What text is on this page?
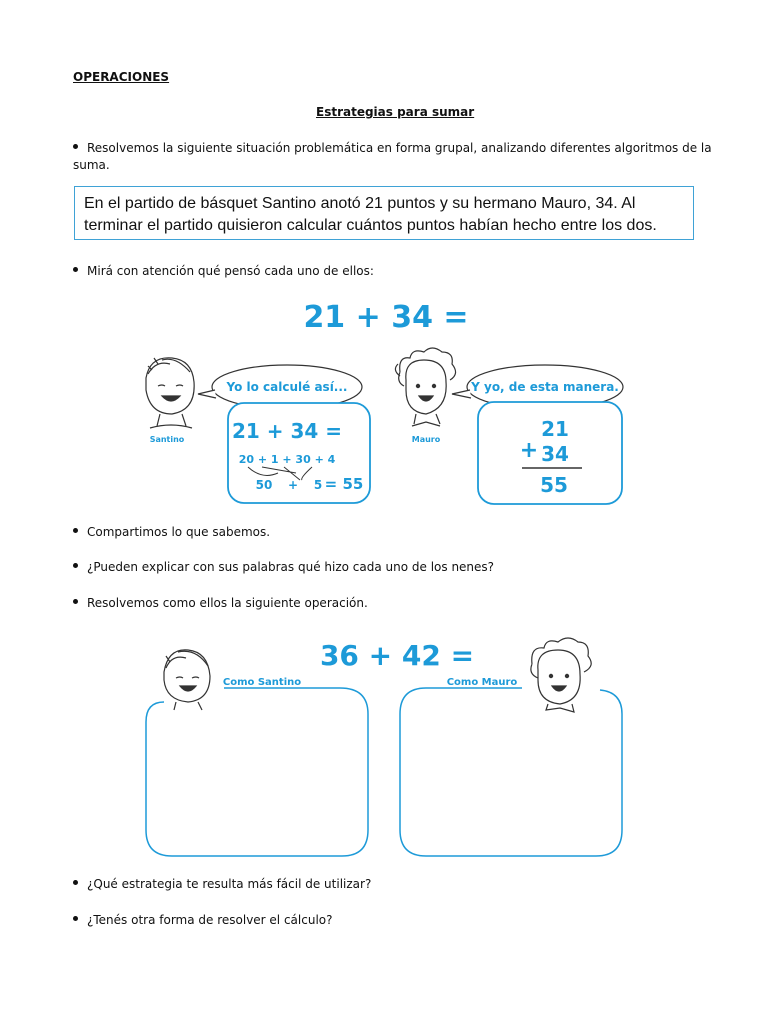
OPERACIONES
Estrategias para sumar
Resolvemos la siguiente situación problemática en forma grupal, analizando diferentes algoritmos de la
suma.
En el partido de básquet Santino anotó 21 puntos y su hermano Mauro, 34. Al
terminar el partido quisieron calcular cuántos puntos habían hecho entre los dos.
Mirá con atención qué pensó cada uno de ellos:
21 + 34 =
Santino
Yo lo calculé así...
21 + 34 =
20 + 1 + 30 + 4
50 + 5 = 55
Mauro
Y yo, de esta manera.
21
+ 34
55
Compartimos lo que sabemos.
¿Pueden explicar con sus palabras qué hizo cada uno de los nenes?
Resolvemos como ellos la siguiente operación.
36 + 42 =
Como Santino	Como Mauro
¿Qué estrategia te resulta más fácil de utilizar?
¿Tenés otra forma de resolver el cálculo?
